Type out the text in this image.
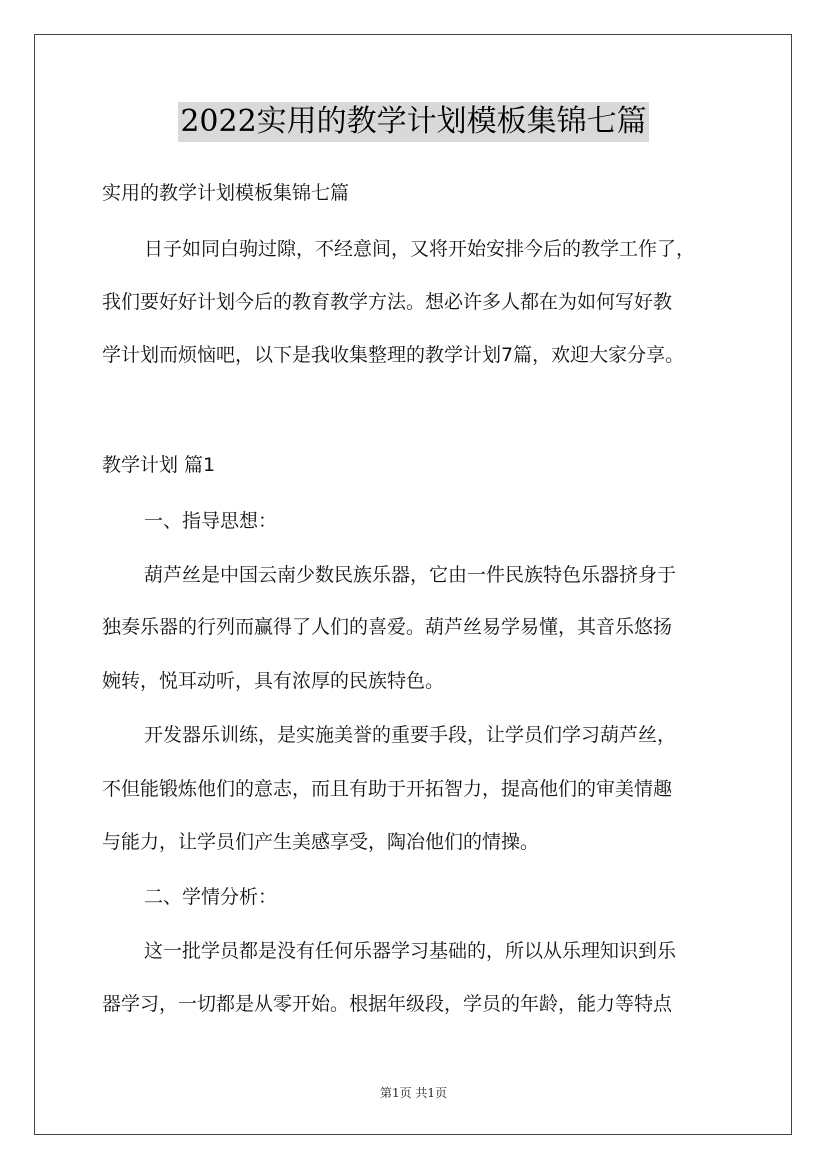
2022实用的教学计划模板集锦七篇
实用的教学计划模板集锦七篇
日子如同白驹过隙，不经意间，又将开始安排今后的教学工作了，
我们要好好计划今后的教育教学方法。想必许多人都在为如何写好教
学计划而烦恼吧，以下是我收集整理的教学计划7篇，欢迎大家分享。
教学计划 篇1
一、指导思想：
葫芦丝是中国云南少数民族乐器，它由一件民族特色乐器挤身于
独奏乐器的行列而赢得了人们的喜爱。葫芦丝易学易懂，其音乐悠扬
婉转，悦耳动听，具有浓厚的民族特色。
开发器乐训练，是实施美誉的重要手段，让学员们学习葫芦丝，
不但能锻炼他们的意志，而且有助于开拓智力，提高他们的审美情趣
与能力，让学员们产生美感享受，陶冶他们的情操。
二、学情分析：
这一批学员都是没有任何乐器学习基础的，所以从乐理知识到乐
器学习，一切都是从零开始。根据年级段，学员的年龄，能力等特点
第1页 共1页
